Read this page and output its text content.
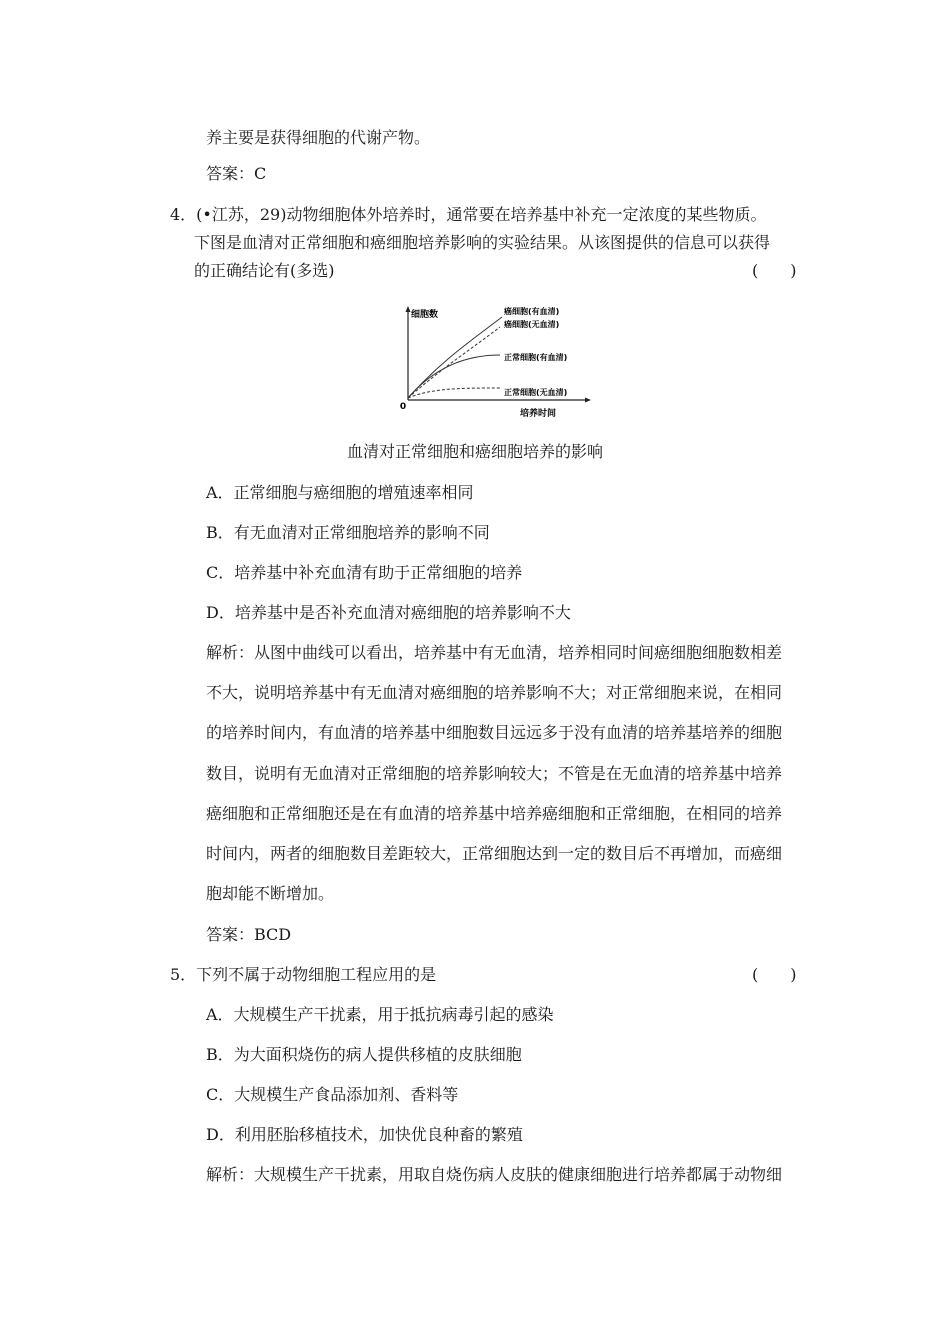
养主要是获得细胞的代谢产物。
答案：C
4．(•江苏，29)动物细胞体外培养时，通常要在培养基中补充一定浓度的某些物质。
下图是血清对正常细胞和癌细胞培养影响的实验结果。从该图提供的信息可以获得
的正确结论有(多选)	(　　)
细胞数
培养时间
0
癌细胞(有血清)
癌细胞(无血清)
正常细胞(有血清)
正常细胞(无血清)
血清对正常细胞和癌细胞培养的影响
A．正常细胞与癌细胞的增殖速率相同
B．有无血清对正常细胞培养的影响不同
C．培养基中补充血清有助于正常细胞的培养
D．培养基中是否补充血清对癌细胞的培养影响不大
解析：从图中曲线可以看出，培养基中有无血清，培养相同时间癌细胞细胞数相差
不大，说明培养基中有无血清对癌细胞的培养影响不大；对正常细胞来说，在相同
的培养时间内，有血清的培养基中细胞数目远远多于没有血清的培养基培养的细胞
数目，说明有无血清对正常细胞的培养影响较大；不管是在无血清的培养基中培养
癌细胞和正常细胞还是在有血清的培养基中培养癌细胞和正常细胞，在相同的培养
时间内，两者的细胞数目差距较大，正常细胞达到一定的数目后不再增加，而癌细
胞却能不断增加。
答案：BCD
5．下列不属于动物细胞工程应用的是	(　　)
A．大规模生产干扰素，用于抵抗病毒引起的感染
B．为大面积烧伤的病人提供移植的皮肤细胞
C．大规模生产食品添加剂、香料等
D．利用胚胎移植技术，加快优良种畜的繁殖
解析：大规模生产干扰素，用取自烧伤病人皮肤的健康细胞进行培养都属于动物细
